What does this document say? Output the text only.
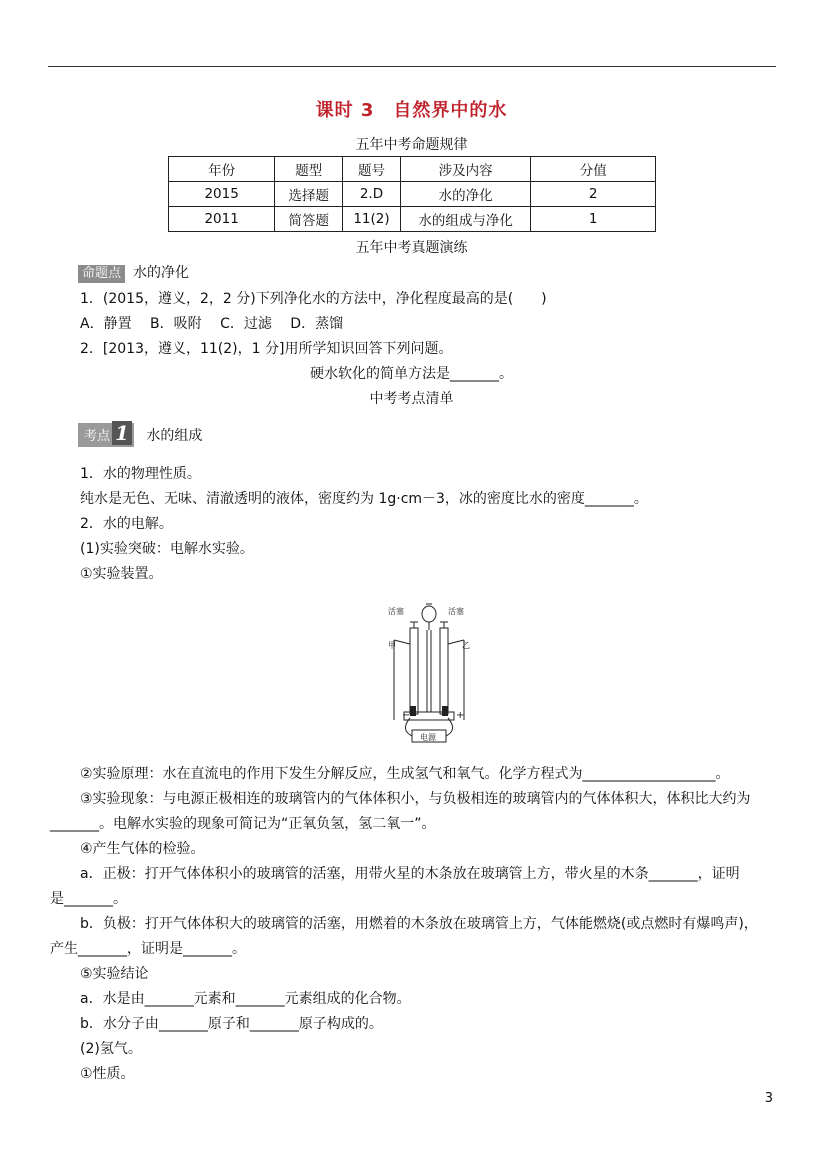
课时 3　自然界中的水
五年中考命题规律
年份	题型	题号	涉及内容	分值
2015	选择题	2.D	水的净化	2
2011	简答题	11(2)	水的组成与净化	1
五年中考真题演练
命题点 水的净化
1．(2015，遵义，2，2 分)下列净化水的方法中，净化程度最高的是(　　)
A．静置　 B．吸附　 C．过滤　 D．蒸馏
2．[2013，遵义，11(2)，1 分]用所学知识回答下列问题。
硬水软化的简单方法是_______。
中考考点清单
考点 1 水的组成
1．水的物理性质。
纯水是无色、无味、清澈透明的液体，密度约为 1g·cm－3，冰的密度比水的密度_______。
2．水的电解。
(1)实验突破：电解水实验。
①实验装置。
活塞	活塞
甲	乙
−	+
电源
②实验原理：水在直流电的作用下发生分解反应，生成氢气和氧气。化学方程式为___________________。
③实验现象：与电源正极相连的玻璃管内的气体体积小，与负极相连的玻璃管内的气体体积大，体积比大约为
_______。电解水实验的现象可简记为“正氧负氢，氢二氧一”。
④产生气体的检验。
a．正极：打开气体体积小的玻璃管的活塞，用带火星的木条放在玻璃管上方，带火星的木条_______，证明
是_______。
b．负极：打开气体体积大的玻璃管的活塞，用燃着的木条放在玻璃管上方，气体能燃烧(或点燃时有爆鸣声)，
产生_______，证明是_______。
⑤实验结论
a．水是由_______元素和_______元素组成的化合物。
b．水分子由_______原子和_______原子构成的。
(2)氢气。
①性质。
3
